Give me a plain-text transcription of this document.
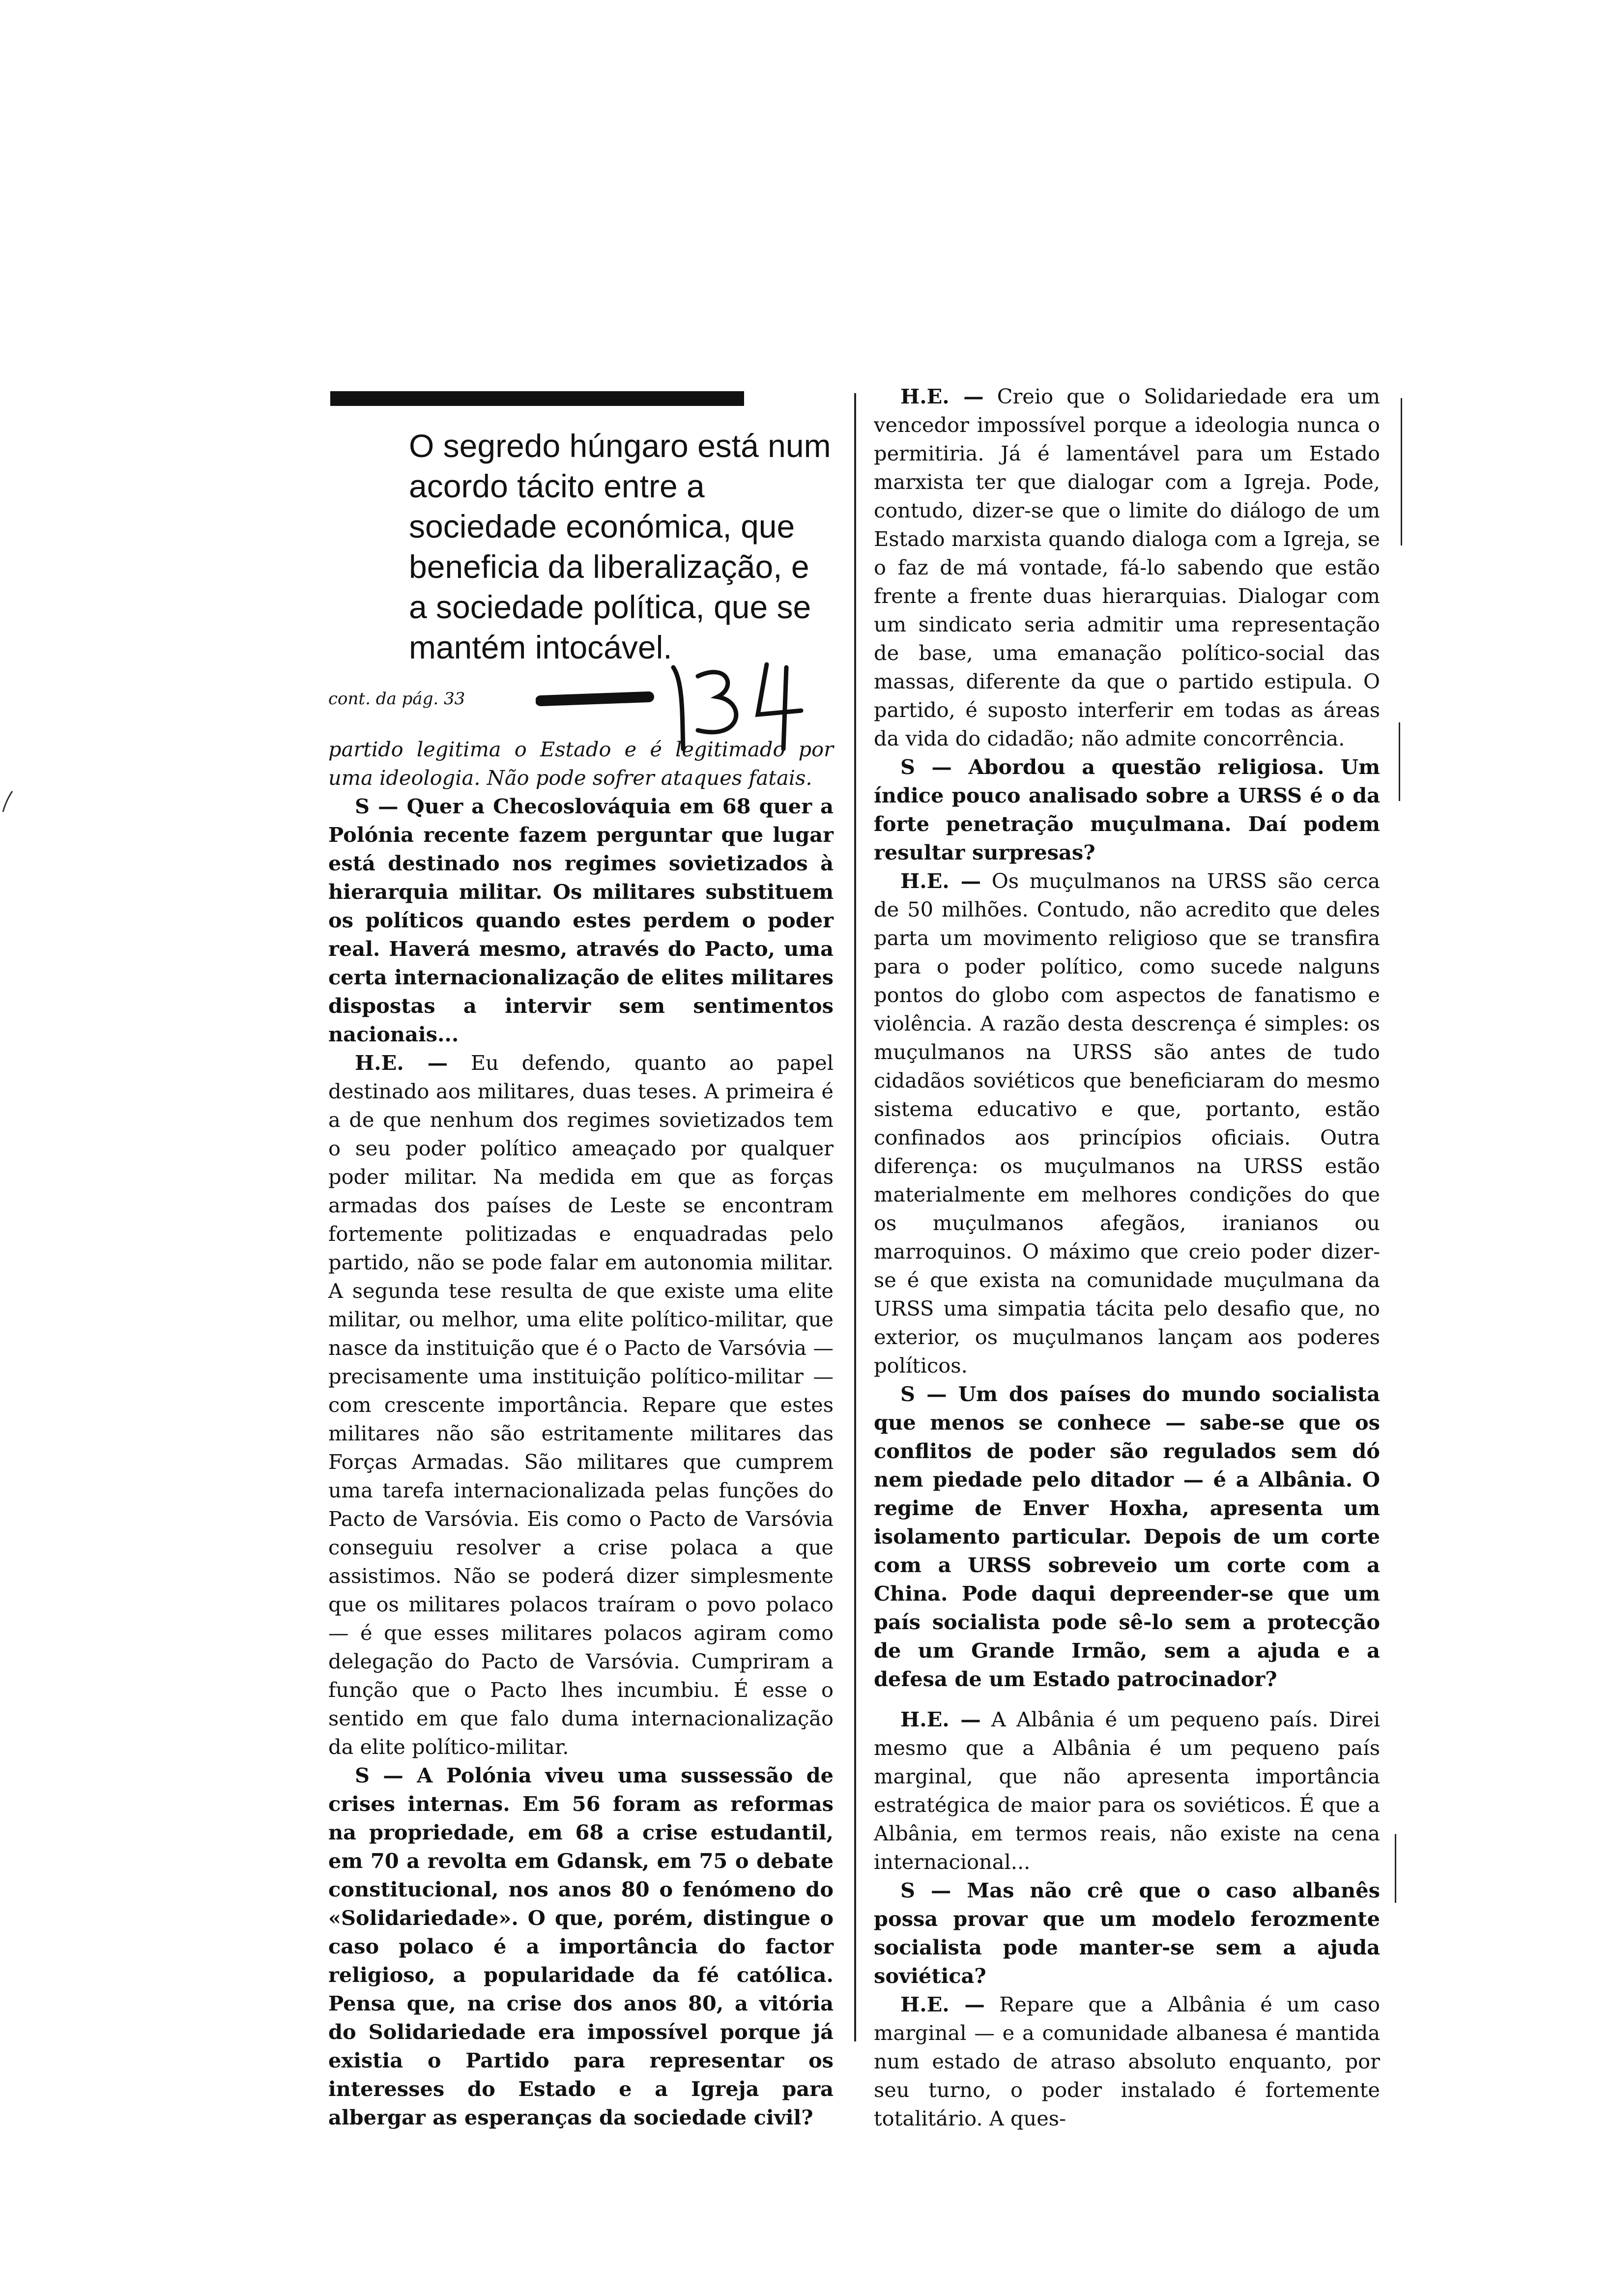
O segredo húngaro está num acordo tácito entre a sociedade económica, que beneficia da liberalização, e a sociedade política, que se mantém intocável.

cont. da pág. 33

partido legitima o Estado e é legitimado por uma ideologia. Não pode sofrer ataques fatais.

S — Quer a Checoslováquia em 68 quer a Polónia recente fazem perguntar que lugar está destinado nos regimes sovietizados à hierarquia militar. Os militares substituem os políticos quando estes perdem o poder real. Haverá mesmo, através do Pacto, uma certa internacionalização de elites militares dispostas a intervir sem sentimentos nacionais...

H.E. — Eu defendo, quanto ao papel destinado aos militares, duas teses. A primeira é a de que nenhum dos regimes sovietizados tem o seu poder político ameaçado por qualquer poder militar. Na medida em que as forças armadas dos países de Leste se encontram fortemente politizadas e enquadradas pelo partido, não se pode falar em autonomia militar. A segunda tese resulta de que existe uma elite militar, ou melhor, uma elite político-militar, que nasce da instituição que é o Pacto de Varsóvia — precisamente uma instituição político-militar — com crescente importância. Repare que estes militares não são estritamente militares das Forças Armadas. São militares que cumprem uma tarefa internacionalizada pelas funções do Pacto de Varsóvia. Eis como o Pacto de Varsóvia conseguiu resolver a crise polaca a que assistimos. Não se poderá dizer simplesmente que os militares polacos traíram o povo polaco — é que esses militares polacos agiram como delegação do Pacto de Varsóvia. Cumpriram a função que o Pacto lhes incumbiu. É esse o sentido em que falo duma internacionalização da elite político-militar.

S — A Polónia viveu uma sussessão de crises internas. Em 56 foram as reformas na propriedade, em 68 a crise estudantil, em 70 a revolta em Gdansk, em 75 o debate constitucional, nos anos 80 o fenómeno do «Solidariedade». O que, porém, distingue o caso polaco é a importância do factor religioso, a popularidade da fé católica. Pensa que, na crise dos anos 80, a vitória do Solidariedade era impossível porque já existia o Partido para representar os interesses do Estado e a Igreja para albergar as esperanças da sociedade civil?

H.E. — Creio que o Solidariedade era um vencedor impossível porque a ideologia nunca o permitiria. Já é lamentável para um Estado marxista ter que dialogar com a Igreja. Pode, contudo, dizer-se que o limite do diálogo de um Estado marxista quando dialoga com a Igreja, se o faz de má vontade, fá-lo sabendo que estão frente a frente duas hierarquias. Dialogar com um sindicato seria admitir uma representação de base, uma emanação político-social das massas, diferente da que o partido estipula. O partido, é suposto interferir em todas as áreas da vida do cidadão; não admite concorrência.

S — Abordou a questão religiosa. Um índice pouco analisado sobre a URSS é o da forte penetração muçulmana. Daí podem resultar surpresas?

H.E. — Os muçulmanos na URSS são cerca de 50 milhões. Contudo, não acredito que deles parta um movimento religioso que se transfira para o poder político, como sucede nalguns pontos do globo com aspectos de fanatismo e violência. A razão desta descrença é simples: os muçulmanos na URSS são antes de tudo cidadãos soviéticos que beneficiaram do mesmo sistema educativo e que, portanto, estão confinados aos princípios oficiais. Outra diferença: os muçulmanos na URSS estão materialmente em melhores condições do que os muçulmanos afegãos, iranianos ou marroquinos. O máximo que creio poder dizer-se é que exista na comunidade muçulmana da URSS uma simpatia tácita pelo desafio que, no exterior, os muçulmanos lançam aos poderes políticos.

S — Um dos países do mundo socialista que menos se conhece — sabe-se que os conflitos de poder são regulados sem dó nem piedade pelo ditador — é a Albânia. O regime de Enver Hoxha, apresenta um isolamento particular. Depois de um corte com a URSS sobreveio um corte com a China. Pode daqui depreender-se que um país socialista pode sê-lo sem a protecção de um Grande Irmão, sem a ajuda e a defesa de um Estado patrocinador?

H.E. — A Albânia é um pequeno país. Direi mesmo que a Albânia é um pequeno país marginal, que não apresenta importância estratégica de maior para os soviéticos. É que a Albânia, em termos reais, não existe na cena internacional...

S — Mas não crê que o caso albanês possa provar que um modelo ferozmente socialista pode manter-se sem a ajuda soviética?

H.E. — Repare que a Albânia é um caso marginal — e a comunidade albanesa é mantida num estado de atraso absoluto enquanto, por seu turno, o poder instalado é fortemente totalitário. A ques-
